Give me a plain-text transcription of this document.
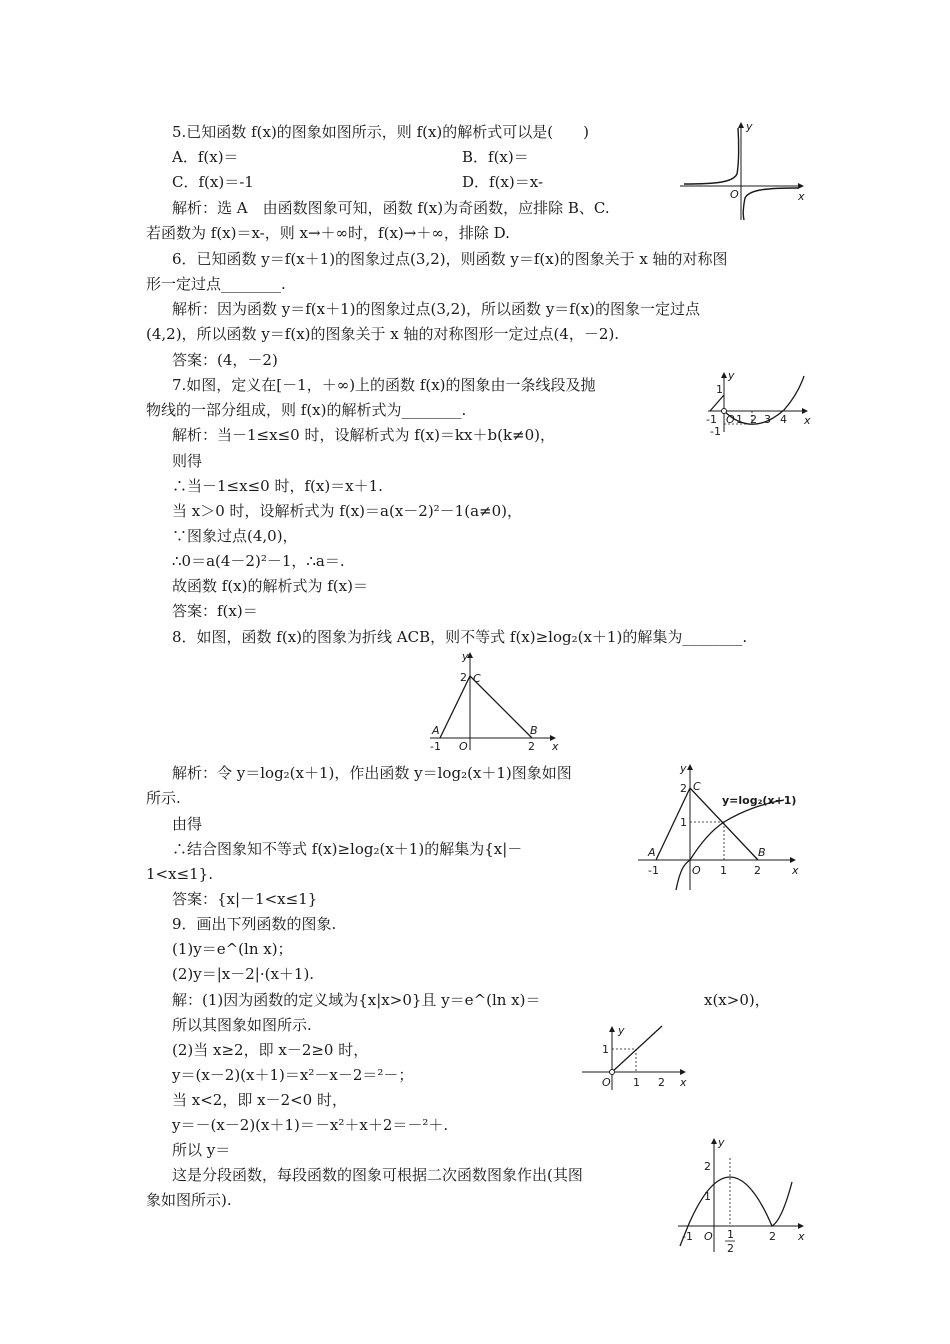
5.已知函数 f(x)的图象如图所示，则 f(x)的解析式可以是(　　)
A．f(x)＝	B．f(x)＝
C．f(x)＝-1	D．f(x)＝x-
解析：选 A　由函数图象可知，函数 f(x)为奇函数，应排除 B、C.
若函数为 f(x)＝x-，则 x→＋∞时，f(x)→＋∞，排除 D.
6．已知函数 y＝f(x＋1)的图象过点(3,2)，则函数 y＝f(x)的图象关于 x 轴的对称图
形一定过点________.
解析：因为函数 y＝f(x＋1)的图象过点(3,2)，所以函数 y＝f(x)的图象一定过点
(4,2)，所以函数 y＝f(x)的图象关于 x 轴的对称图形一定过点(4，－2).
答案：(4，－2)
7.如图，定义在[－1，＋∞)上的函数 f(x)的图象由一条线段及抛
物线的一部分组成，则 f(x)的解析式为________.
解析：当－1≤x≤0 时，设解析式为 f(x)＝kx＋b(k≠0)，
则得
∴当－1≤x≤0 时，f(x)＝x＋1.
当 x＞0 时，设解析式为 f(x)＝a(x－2)²－1(a≠0)，
∵图象过点(4,0)，
∴0＝a(4－2)²－1，∴a＝.
故函数 f(x)的解析式为 f(x)＝
答案：f(x)＝
8．如图，函数 f(x)的图象为折线 ACB，则不等式 f(x)≥log₂(x＋1)的解集为________.
解析：令 y＝log₂(x＋1)，作出函数 y＝log₂(x＋1)图象如图
所示.
由得
∴结合图象知不等式 f(x)≥log₂(x＋1)的解集为{x|－
1<x≤1}.
答案：{x|－1<x≤1}
9．画出下列函数的图象.
(1)y＝e^(ln x)；
(2)y＝|x－2|·(x＋1).
解：(1)因为函数的定义域为{x|x>0}且 y＝e^(ln x)＝	x(x>0)，
所以其图象如图所示.
(2)当 x≥2，即 x－2≥0 时，
y＝(x－2)(x＋1)＝x²－x－2＝²－；
当 x<2，即 x－2<0 时，
y＝－(x－2)(x＋1)＝－x²＋x＋2＝－²＋.
所以 y＝
这是分段函数，每段函数的图象可根据二次函数图象作出(其图
象如图所示).
y
x
O
y
x
1
-1 O 1 2 3 4
-1
y
x
2 C
A	B
-1 O	2
y
x
2 C
1
A	B
-1	O 1 2
y=log₂(x+1)
y
x
1
O 1 2
y
x
2
1
-1 O 1
2
2
